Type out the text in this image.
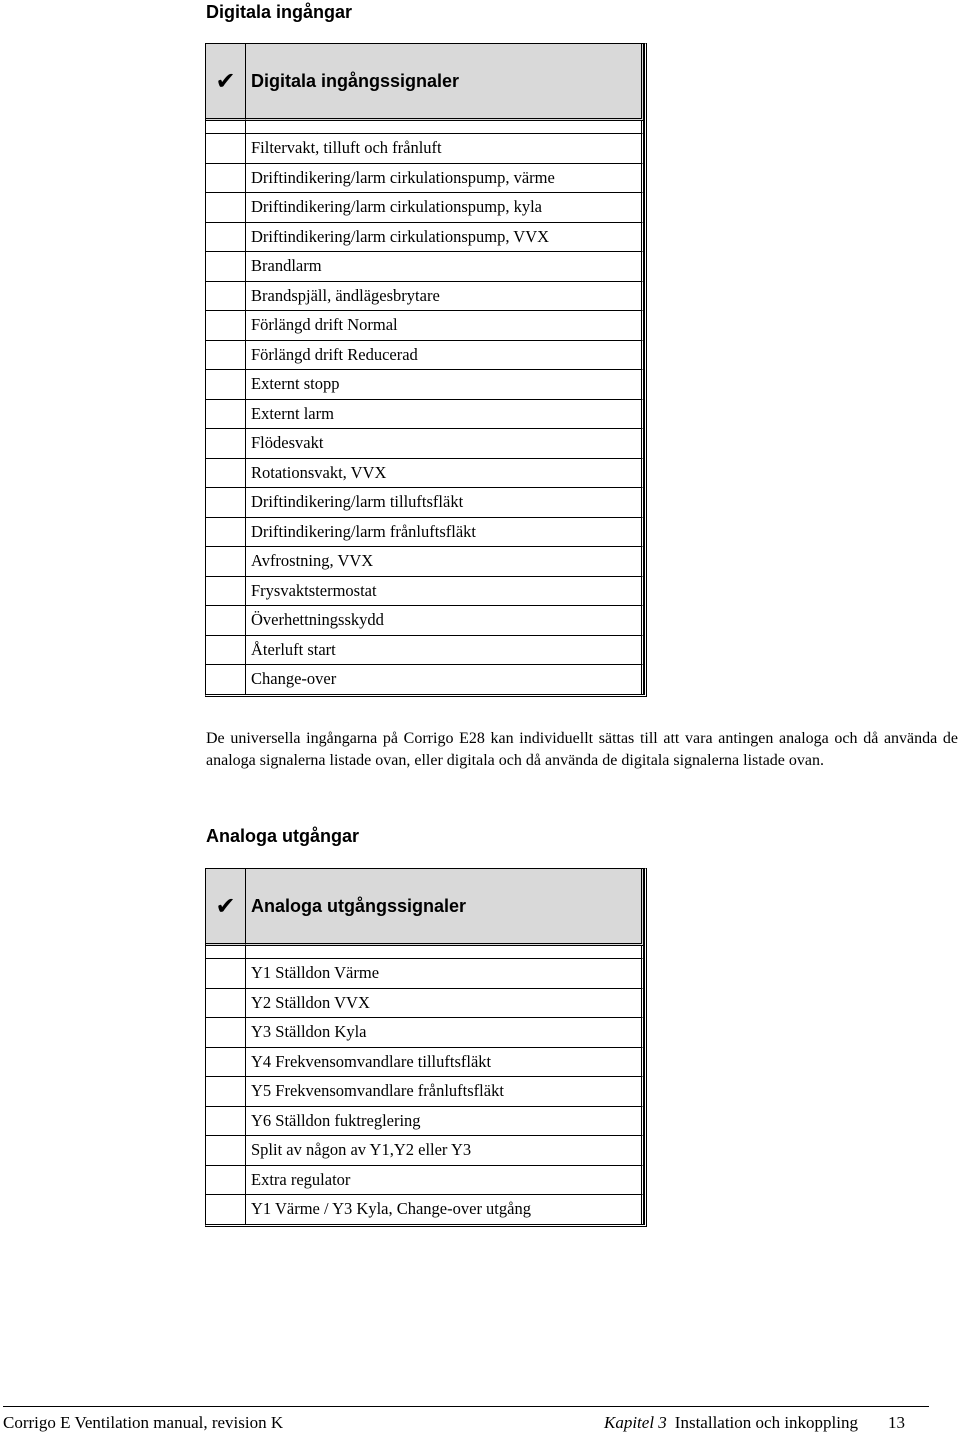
Digitala ingångar
✔	Digitala ingångssignaler

	Filtervakt, tilluft och frånluft
	Driftindikering/larm cirkulationspump, värme
	Driftindikering/larm cirkulationspump, kyla
	Driftindikering/larm cirkulationspump, VVX
	Brandlarm
	Brandspjäll, ändlägesbrytare
	Förlängd drift Normal
	Förlängd drift Reducerad
	Externt stopp
	Externt larm
	Flödesvakt
	Rotationsvakt, VVX
	Driftindikering/larm tilluftsfläkt
	Driftindikering/larm frånluftsfläkt
	Avfrostning, VVX
	Frysvaktstermostat
	Överhettningsskydd
	Återluft start
	Change-over

De universella ingångarna på Corrigo E28 kan individuellt sättas till att vara antingen analoga och då använda de analoga signalerna listade ovan, eller digitala och då använda de digitala signalerna listade ovan.

Analoga utgångar
✔	Analoga utgångssignaler

	Y1 Ställdon Värme
	Y2 Ställdon VVX
	Y3 Ställdon Kyla
	Y4 Frekvensomvandlare tilluftsfläkt
	Y5 Frekvensomvandlare frånluftsfläkt
	Y6 Ställdon fuktreglering
	Split av någon av Y1,Y2 eller Y3
	Extra regulator
	Y1 Värme / Y3 Kyla, Change-over utgång
Corrigo E Ventilation manual, revision K	Kapitel 3 Installation och inkoppling 13
